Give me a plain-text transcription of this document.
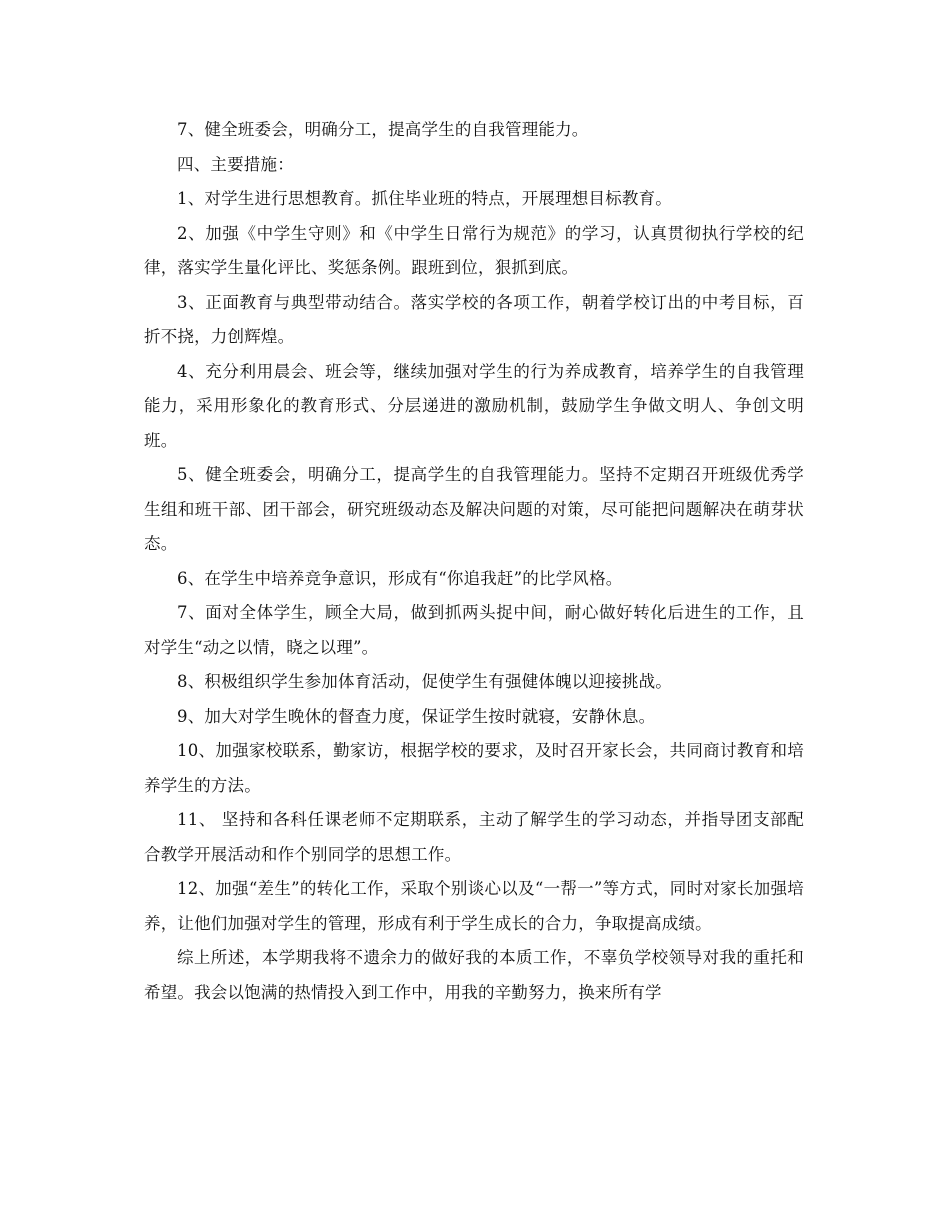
7、健全班委会，明确分工，提高学生的自我管理能力。

四、主要措施：

1、对学生进行思想教育。抓住毕业班的特点，开展理想目标教育。

2、加强《中学生守则》和《中学生日常行为规范》的学习，认真贯彻执行学校的纪律，落实学生量化评比、奖惩条例。跟班到位，狠抓到底。

3、正面教育与典型带动结合。落实学校的各项工作，朝着学校订出的中考目标，百折不挠，力创辉煌。

4、充分利用晨会、班会等，继续加强对学生的行为养成教育，培养学生的自我管理能力，采用形象化的教育形式、分层递进的激励机制，鼓励学生争做文明人、争创文明班。

5、健全班委会，明确分工，提高学生的自我管理能力。坚持不定期召开班级优秀学生组和班干部、团干部会，研究班级动态及解决问题的对策，尽可能把问题解决在萌芽状态。

6、在学生中培养竞争意识，形成有“你追我赶”的比学风格。

7、面对全体学生，顾全大局，做到抓两头捉中间，耐心做好转化后进生的工作，且对学生“动之以情，晓之以理”。

8、积极组织学生参加体育活动，促使学生有强健体魄以迎接挑战。

9、加大对学生晚休的督查力度，保证学生按时就寝，安静休息。

10、加强家校联系，勤家访，根据学校的要求，及时召开家长会，共同商讨教育和培养学生的方法。

11、 坚持和各科任课老师不定期联系，主动了解学生的学习动态，并指导团支部配合教学开展活动和作个别同学的思想工作。

12、加强“差生”的转化工作，采取个别谈心以及“一帮一”等方式，同时对家长加强培养，让他们加强对学生的管理，形成有利于学生成长的合力，争取提高成绩。

综上所述，本学期我将不遗余力的做好我的本质工作，不辜负学校领导对我的重托和希望。我会以饱满的热情投入到工作中，用我的辛勤努力，换来所有学
